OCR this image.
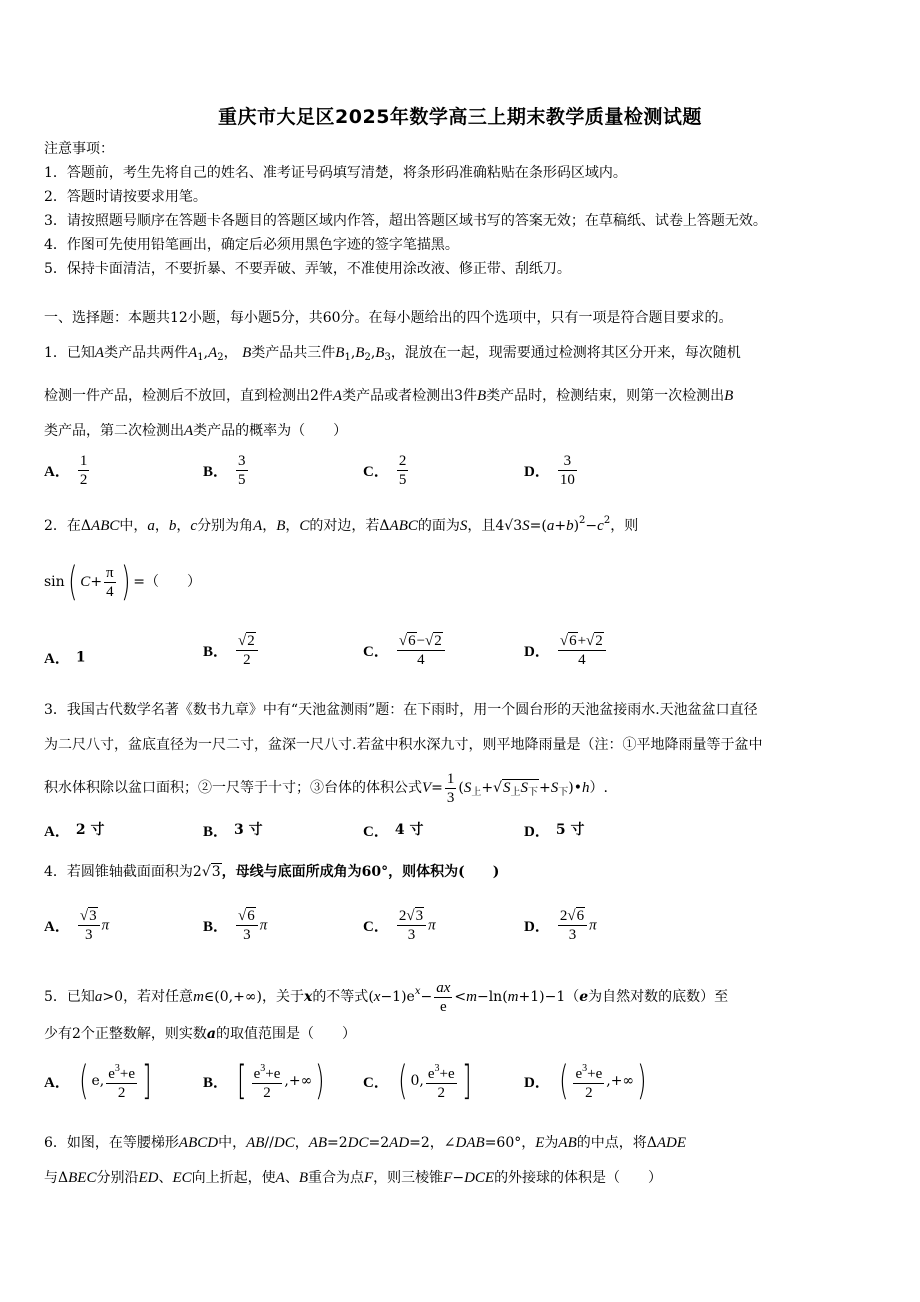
重庆市大足区2025年数学高三上期末教学质量检测试题
注意事项：
1．答题前，考生先将自己的姓名、准考证号码填写清楚，将条形码准确粘贴在条形码区域内。
2．答题时请按要求用笔。
3．请按照题号顺序在答题卡各题目的答题区域内作答，超出答题区域书写的答案无效；在草稿纸、试卷上答题无效。
4．作图可先使用铅笔画出，确定后必须用黑色字迹的签字笔描黑。
5．保持卡面清洁，不要折暴、不要弄破、弄皱，不准使用涂改液、修正带、刮纸刀。
一、选择题：本题共12小题，每小题5分，共60分。在每小题给出的四个选项中，只有一项是符合题目要求的。
1．已知A类产品共两件$A_1,A_2$， B类产品共三件$B_1,B_2,B_3$，混放在一起，现需要通过检测将其区分开来，每次随机
检测一件产品，检测后不放回，直到检测出2件A类产品或者检测出3件B类产品时，检测结束，则第一次检测出B
类产品，第二次检测出A类产品的概率为（　　）
A． $\frac{1}{2}$	B． $\frac{3}{5}$	C． $\frac{2}{5}$	D． $\frac{3}{10}$
2．在ΔABC中，a，b，c分别为角A，B，C的对边，若ΔABC的面为S，且$4√3S=(a+b)^2-c^2$，则
sin( $C+ \frac{\pi}{4}$ ) =（　　）
A． 1	B． $\frac{√2}{2}$	C． $\frac{√6-√2}{4}$	D． $\frac{√6+√2}{4}$
3．我国古代数学名著《数书九章》中有“天池盆测雨”题：在下雨时，用一个圆台形的天池盆接雨水.天池盆盆口直径
为二尺八寸，盆底直径为一尺二寸，盆深一尺八寸.若盆中积水深九寸，则平地降雨量是（注：①平地降雨量等于盆中
积水体积除以盆口面积；②一尺等于十寸；③台体的体积公式$V= \frac{1}{3}$ $(S_上+√S_上S_下+S_下)•h$）.
A． 2 寸	B． 3 寸	C． 4 寸	D． 5 寸
4．若圆锥轴截面面积为2√3，母线与底面所成角为60°，则体积为(　　)
A． $\frac{√3}{3}$ π	B． $\frac{√6}{3}$ π	C． $\frac{2√3}{3}$ π	D． $\frac{2√6}{3}$ π
5．已知a>0，若对任意m∈(0,+∞)，关于x的不等式$(x-1)e^x- \frac{ax}{e} <m-\ln(m+1)-1(e$为自然对数的底数）至
少有2个正整数解，则实数a的取值范围是（　　）
A． ( e, $\frac{e^3+e}{2}$ ]	B． [ $\frac{e^3+e}{2}$ ,+∞)	C． ( 0, $\frac{e^3+e}{2}$ ]	D． ( $\frac{e^3+e}{2}$ ,+∞)
6．如图，在等腰梯形ABCD中，AB//DC，AB=2DC=2AD=2，∠DAB=60°，E为AB的中点，将ΔADE
与ΔBEC分别沿ED、EC向上折起，使A、B重合为点F，则三棱锥F−DCE的外接球的体积是（　　）
